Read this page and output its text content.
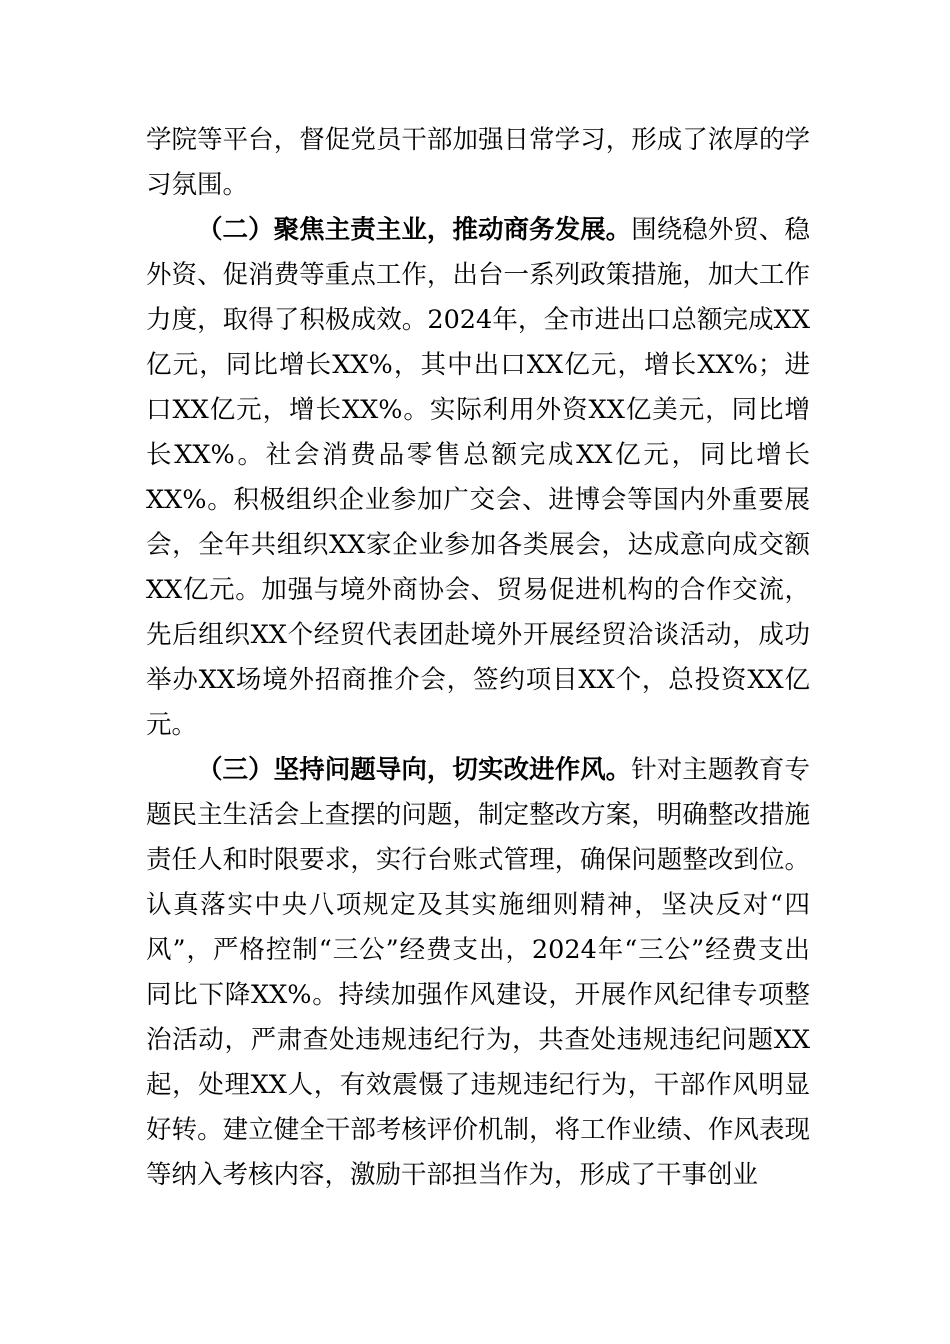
学院等平台，督促党员干部加强日常学习，形成了浓厚的学习氛围。

（二）聚焦主责主业，推动商务发展。围绕稳外贸、稳外资、促消费等重点工作，出台一系列政策措施，加大工作力度，取得了积极成效。2024年，全市进出口总额完成XX亿元，同比增长XX%，其中出口XX亿元，增长XX%；进口XX亿元，增长XX%。实际利用外资XX亿美元，同比增长XX%。社会消费品零售总额完成XX亿元，同比增长XX%。积极组织企业参加广交会、进博会等国内外重要展会，全年共组织XX家企业参加各类展会，达成意向成交额XX亿元。加强与境外商协会、贸易促进机构的合作交流，先后组织XX个经贸代表团赴境外开展经贸洽谈活动，成功举办XX场境外招商推介会，签约项目XX个，总投资XX亿元。

（三）坚持问题导向，切实改进作风。针对主题教育专题民主生活会上查摆的问题，制定整改方案，明确整改措施责任人和时限要求，实行台账式管理，确保问题整改到位。认真落实中央八项规定及其实施细则精神，坚决反对“四风”，严格控制“三公”经费支出，2024年“三公”经费支出同比下降XX%。持续加强作风建设，开展作风纪律专项整治活动，严肃查处违规违纪行为，共查处违规违纪问题XX起，处理XX人，有效震慑了违规违纪行为，干部作风明显好转。建立健全干部考核评价机制，将工作业绩、作风表现等纳入考核内容，激励干部担当作为，形成了干事创业
